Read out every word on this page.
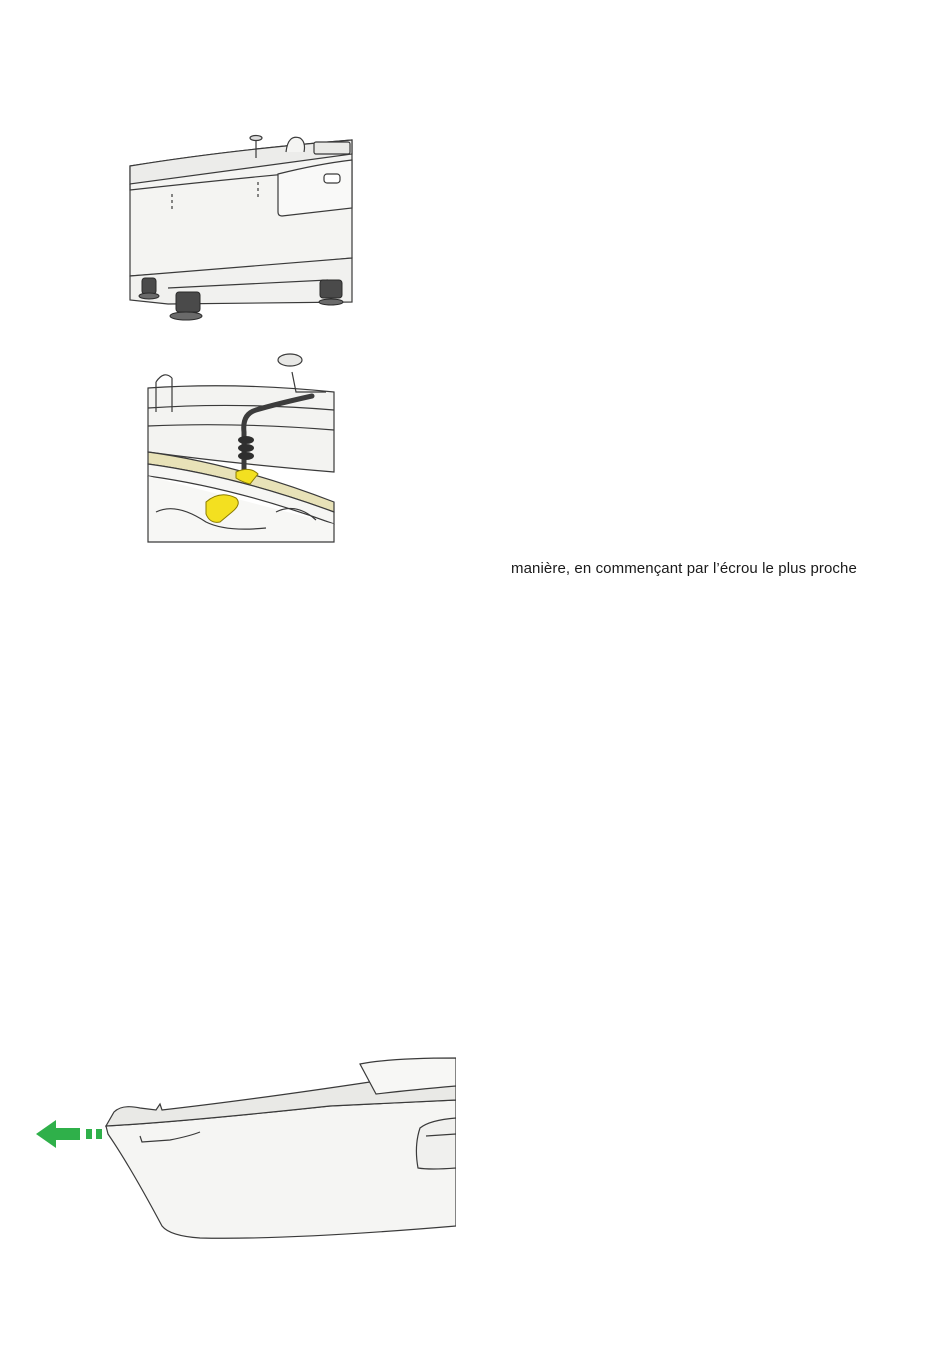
manière, en commençant par l’écrou le plus proche
